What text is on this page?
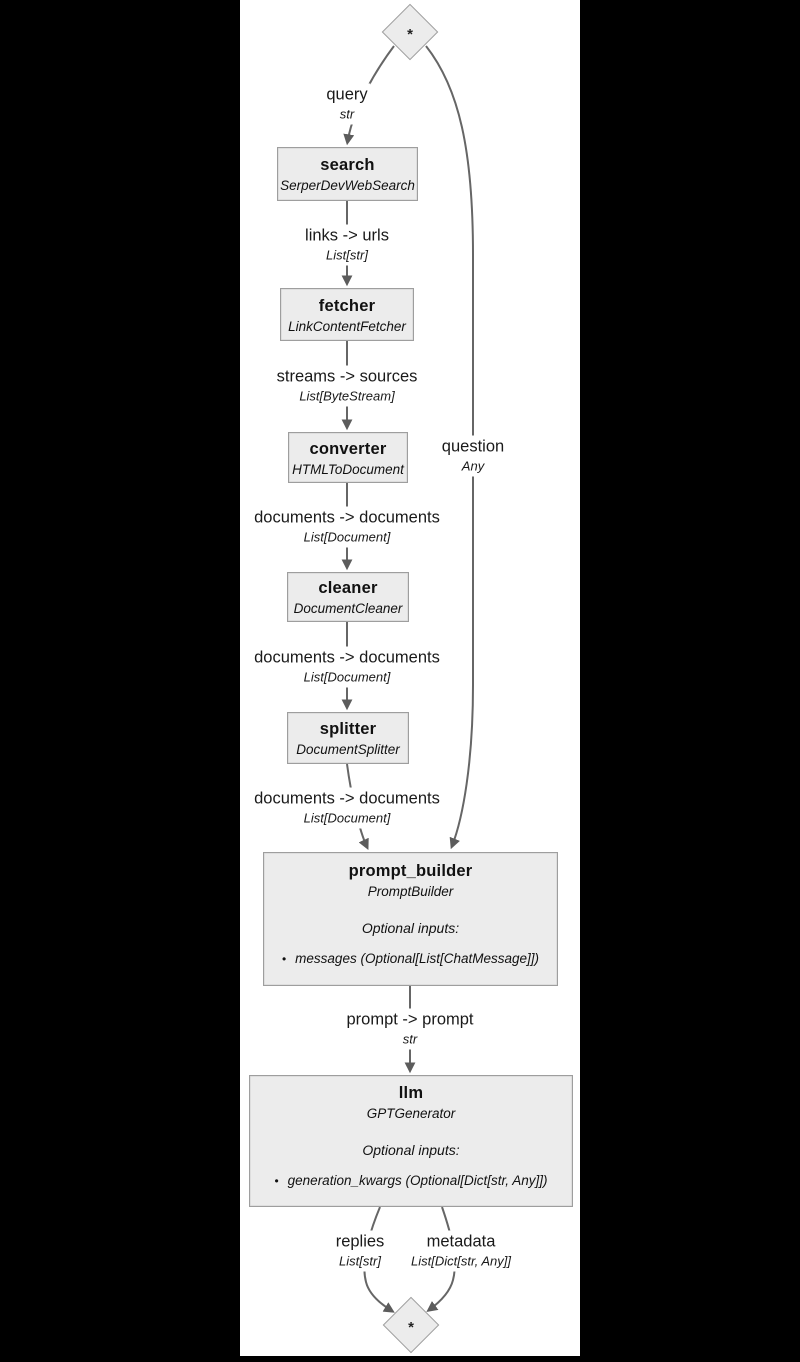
*
search
SerperDevWebSearch
fetcher
LinkContentFetcher
converter
HTMLToDocument
cleaner
DocumentCleaner
splitter
DocumentSplitter
prompt_builder
PromptBuilder
Optional inputs:
• messages (Optional[List[ChatMessage]])
llm
GPTGenerator
Optional inputs:
• generation_kwargs (Optional[Dict[str, Any]])
*
query
str
links -> urls
List[str]
streams -> sources
List[ByteStream]
documents -> documents
List[Document]
documents -> documents
List[Document]
documents -> documents
List[Document]
question
Any
prompt -> prompt
str
replies
List[str]
metadata
List[Dict[str, Any]]
